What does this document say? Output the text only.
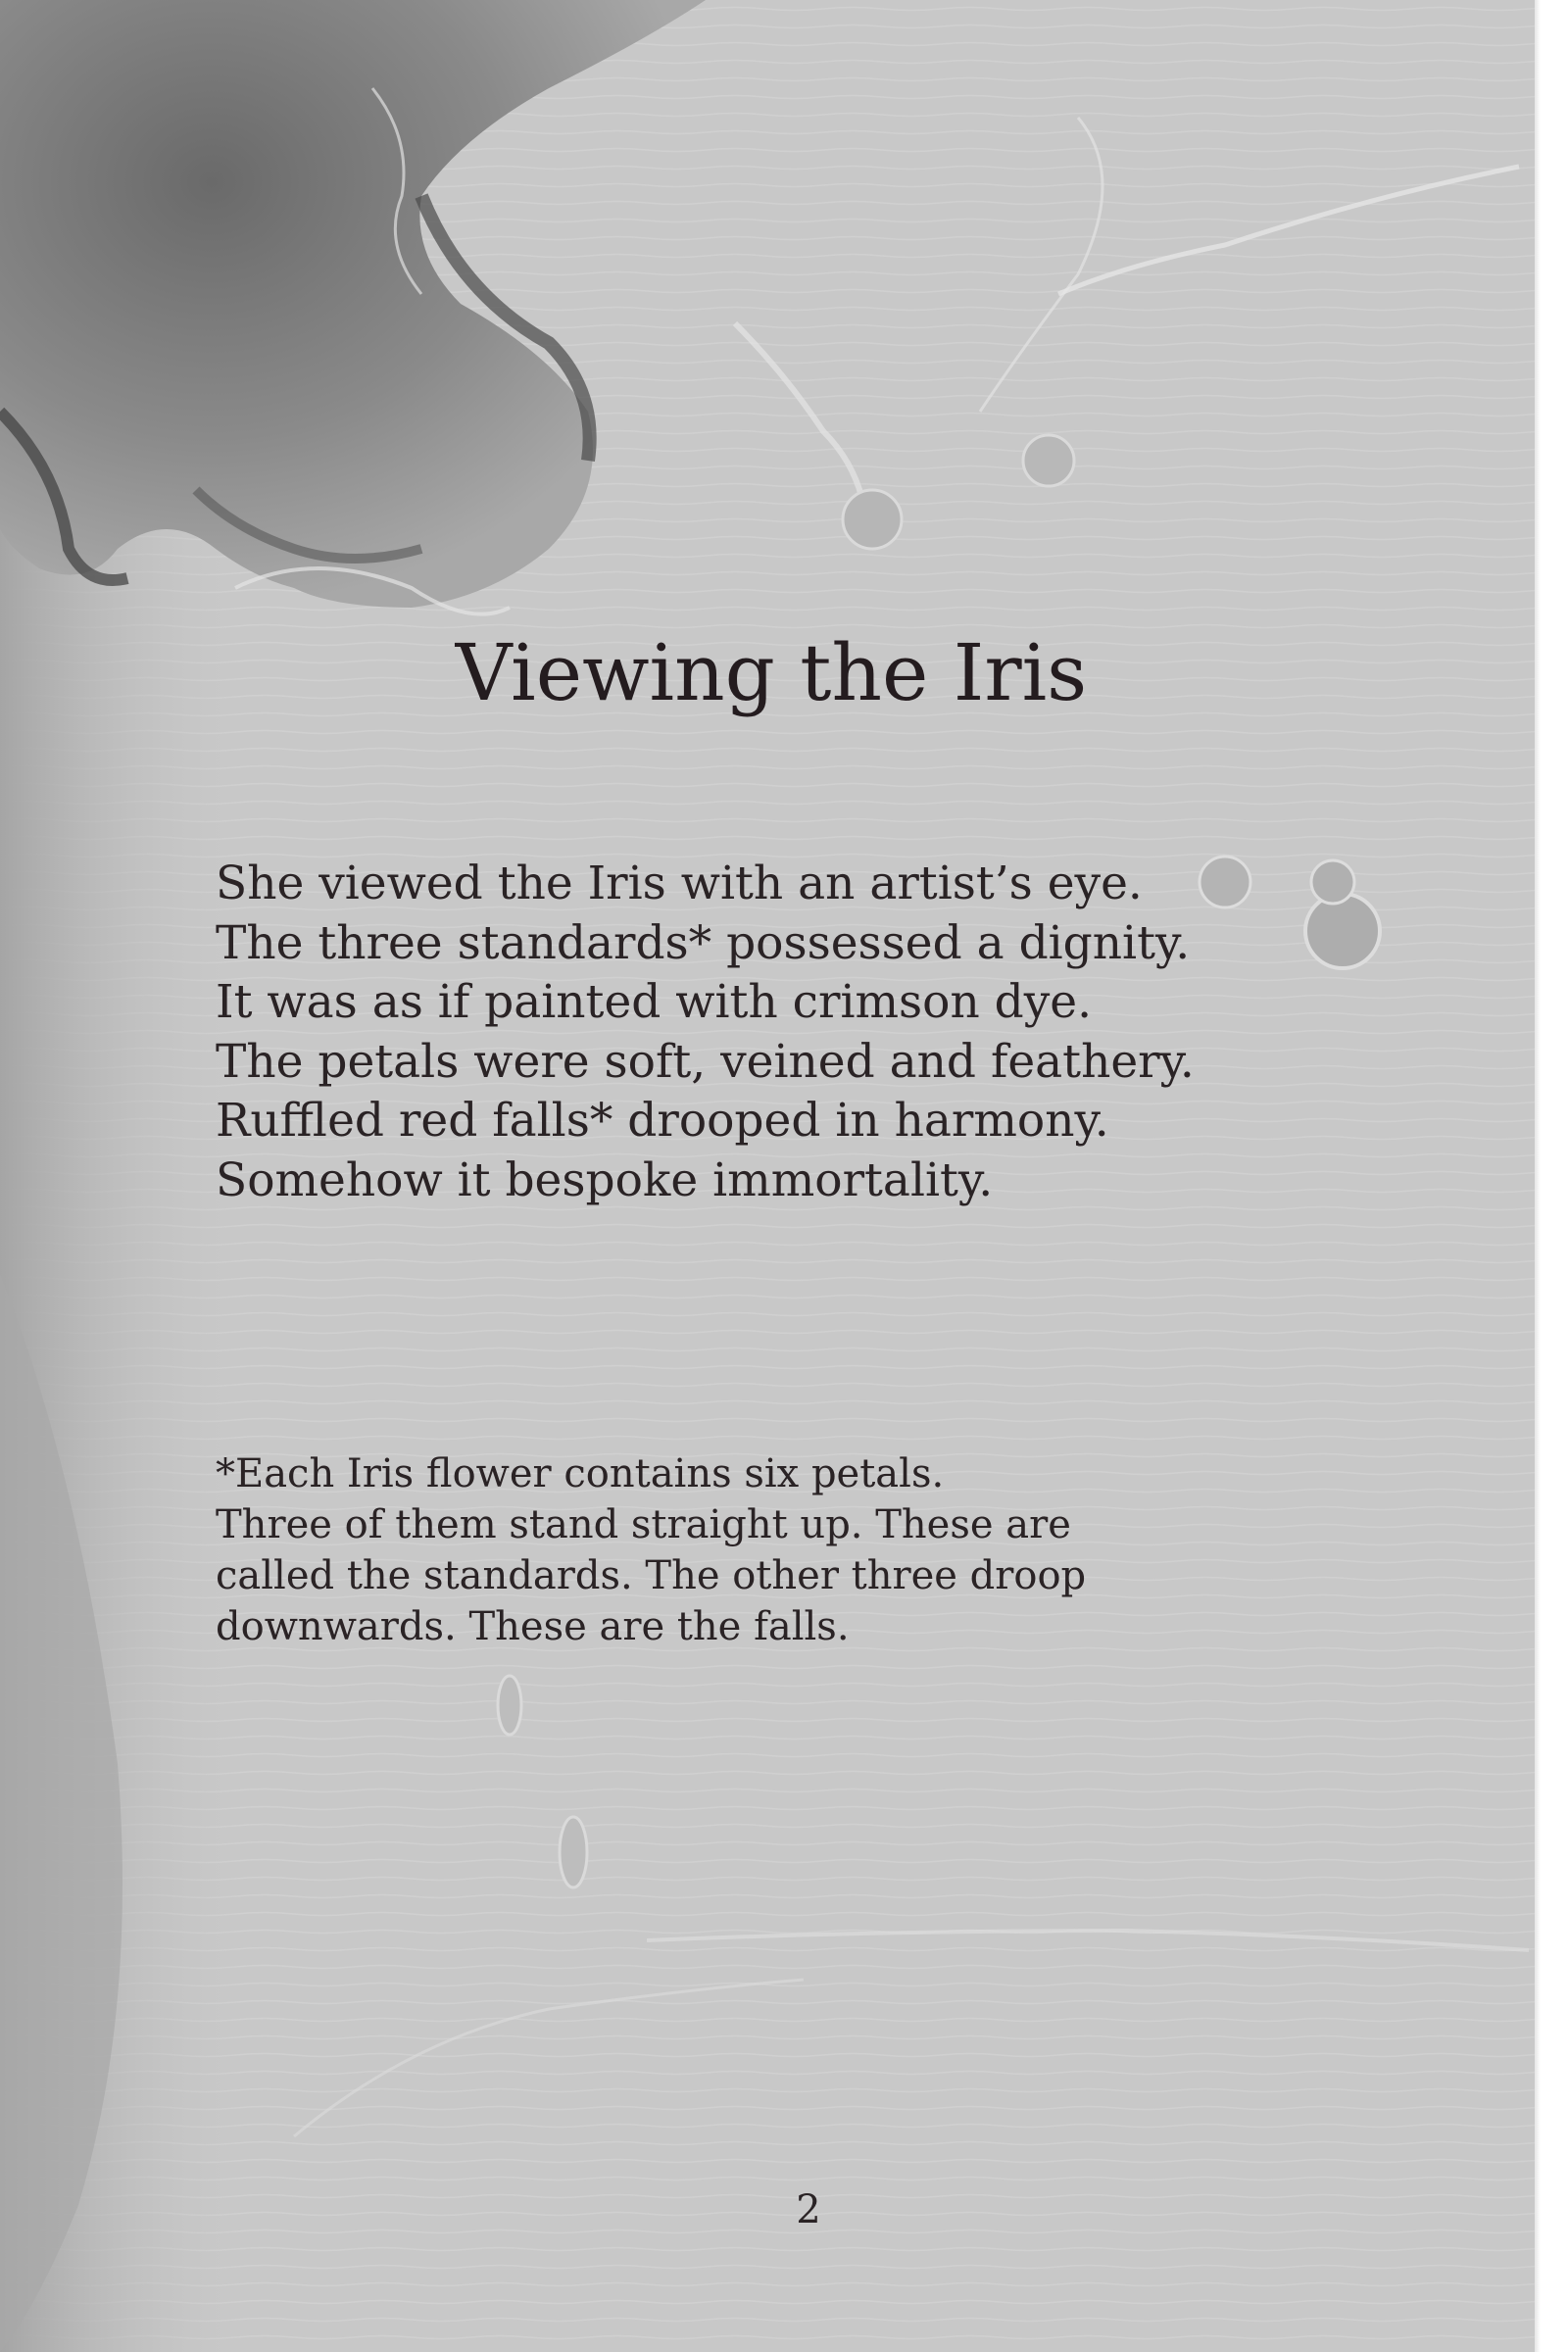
Viewing the Iris
She viewed the Iris with an artist’s eye.
The three standards* possessed a dignity.
It was as if painted with crimson dye.
The petals were soft, veined and feathery.
Ruffled red falls* drooped in harmony.
Somehow it bespoke immortality.
*Each Iris flower contains six petals.
Three of them stand straight up. These are
called the standards. The other three droop
downwards. These are the falls.
2
